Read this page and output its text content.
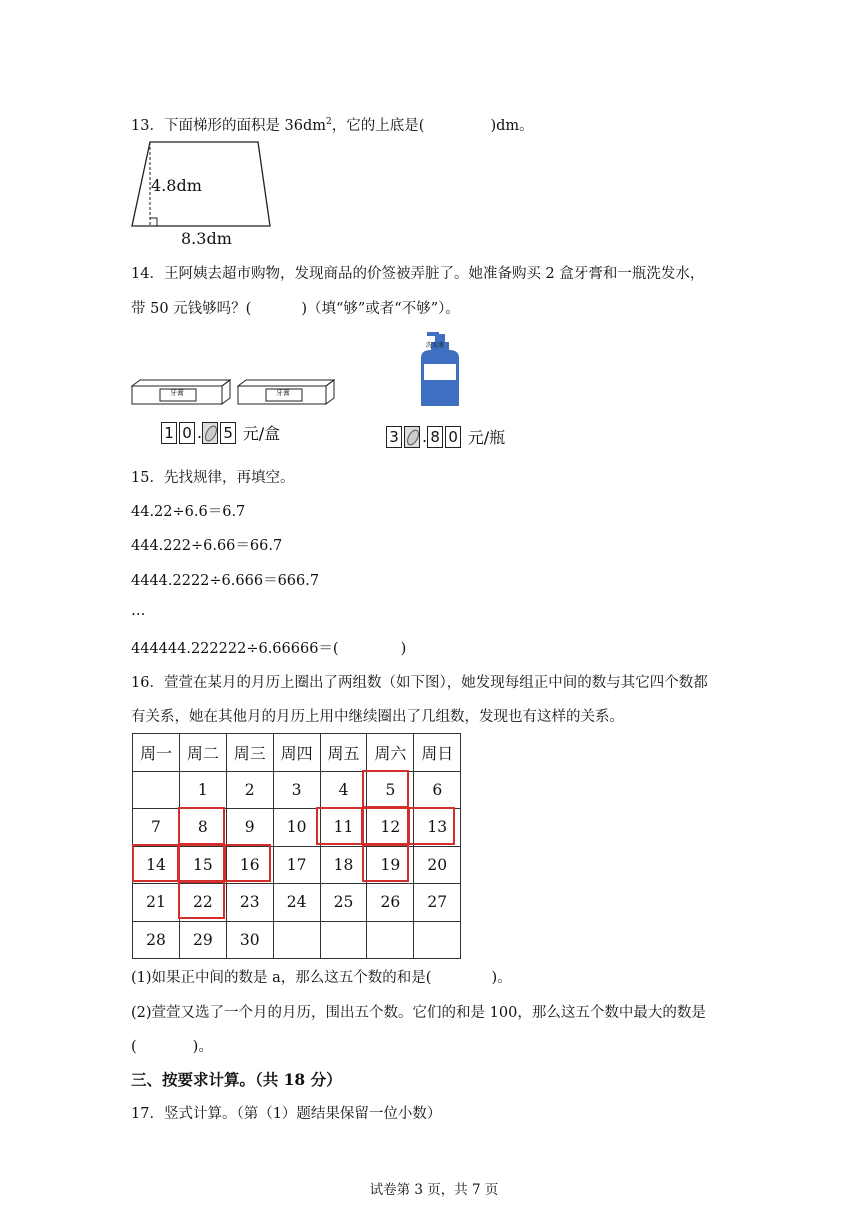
13．下面梯形的面积是 $36dm^2$，它的上底是(	)dm。
4.8dm
8.3dm
14．王阿姨去超市购物，发现商品的价签被弄脏了。她准备购买 2 盒牙膏和一瓶洗发水，
带 50 元钱够吗？(	)（填“够”或者“不够”）。
牙膏	牙膏
1 0 . 5 元/盒
洗发液
3 . 8 0 元/瓶
15．先找规律，再填空。
44.22÷6.6＝6.7
444.222÷6.66＝66.7
4444.2222÷6.666＝666.7
…
444444.222222÷6.66666＝(	)
16．萱萱在某月的月历上圈出了两组数（如下图），她发现每组正中间的数与其它四个数都
有关系，她在其他月的月历上用中继续圈出了几组数，发现也有这样的关系。
周一	周二	周三	周四	周五	周六	周日
	1	2	3	4	5	6
7	8	9	10	11	12	13
14	15	16	17	18	19	20
21	22	23	24	25	26	27
28	29	30				
(1)如果正中间的数是 a，那么这五个数的和是(	)。
(2)萱萱又选了一个月的月历，围出五个数。它们的和是 100，那么这五个数中最大的数是
(	)。
三、按要求计算。（共 18 分）
17．竖式计算。（第（1）题结果保留一位小数）
试卷第 3 页，共 7 页
